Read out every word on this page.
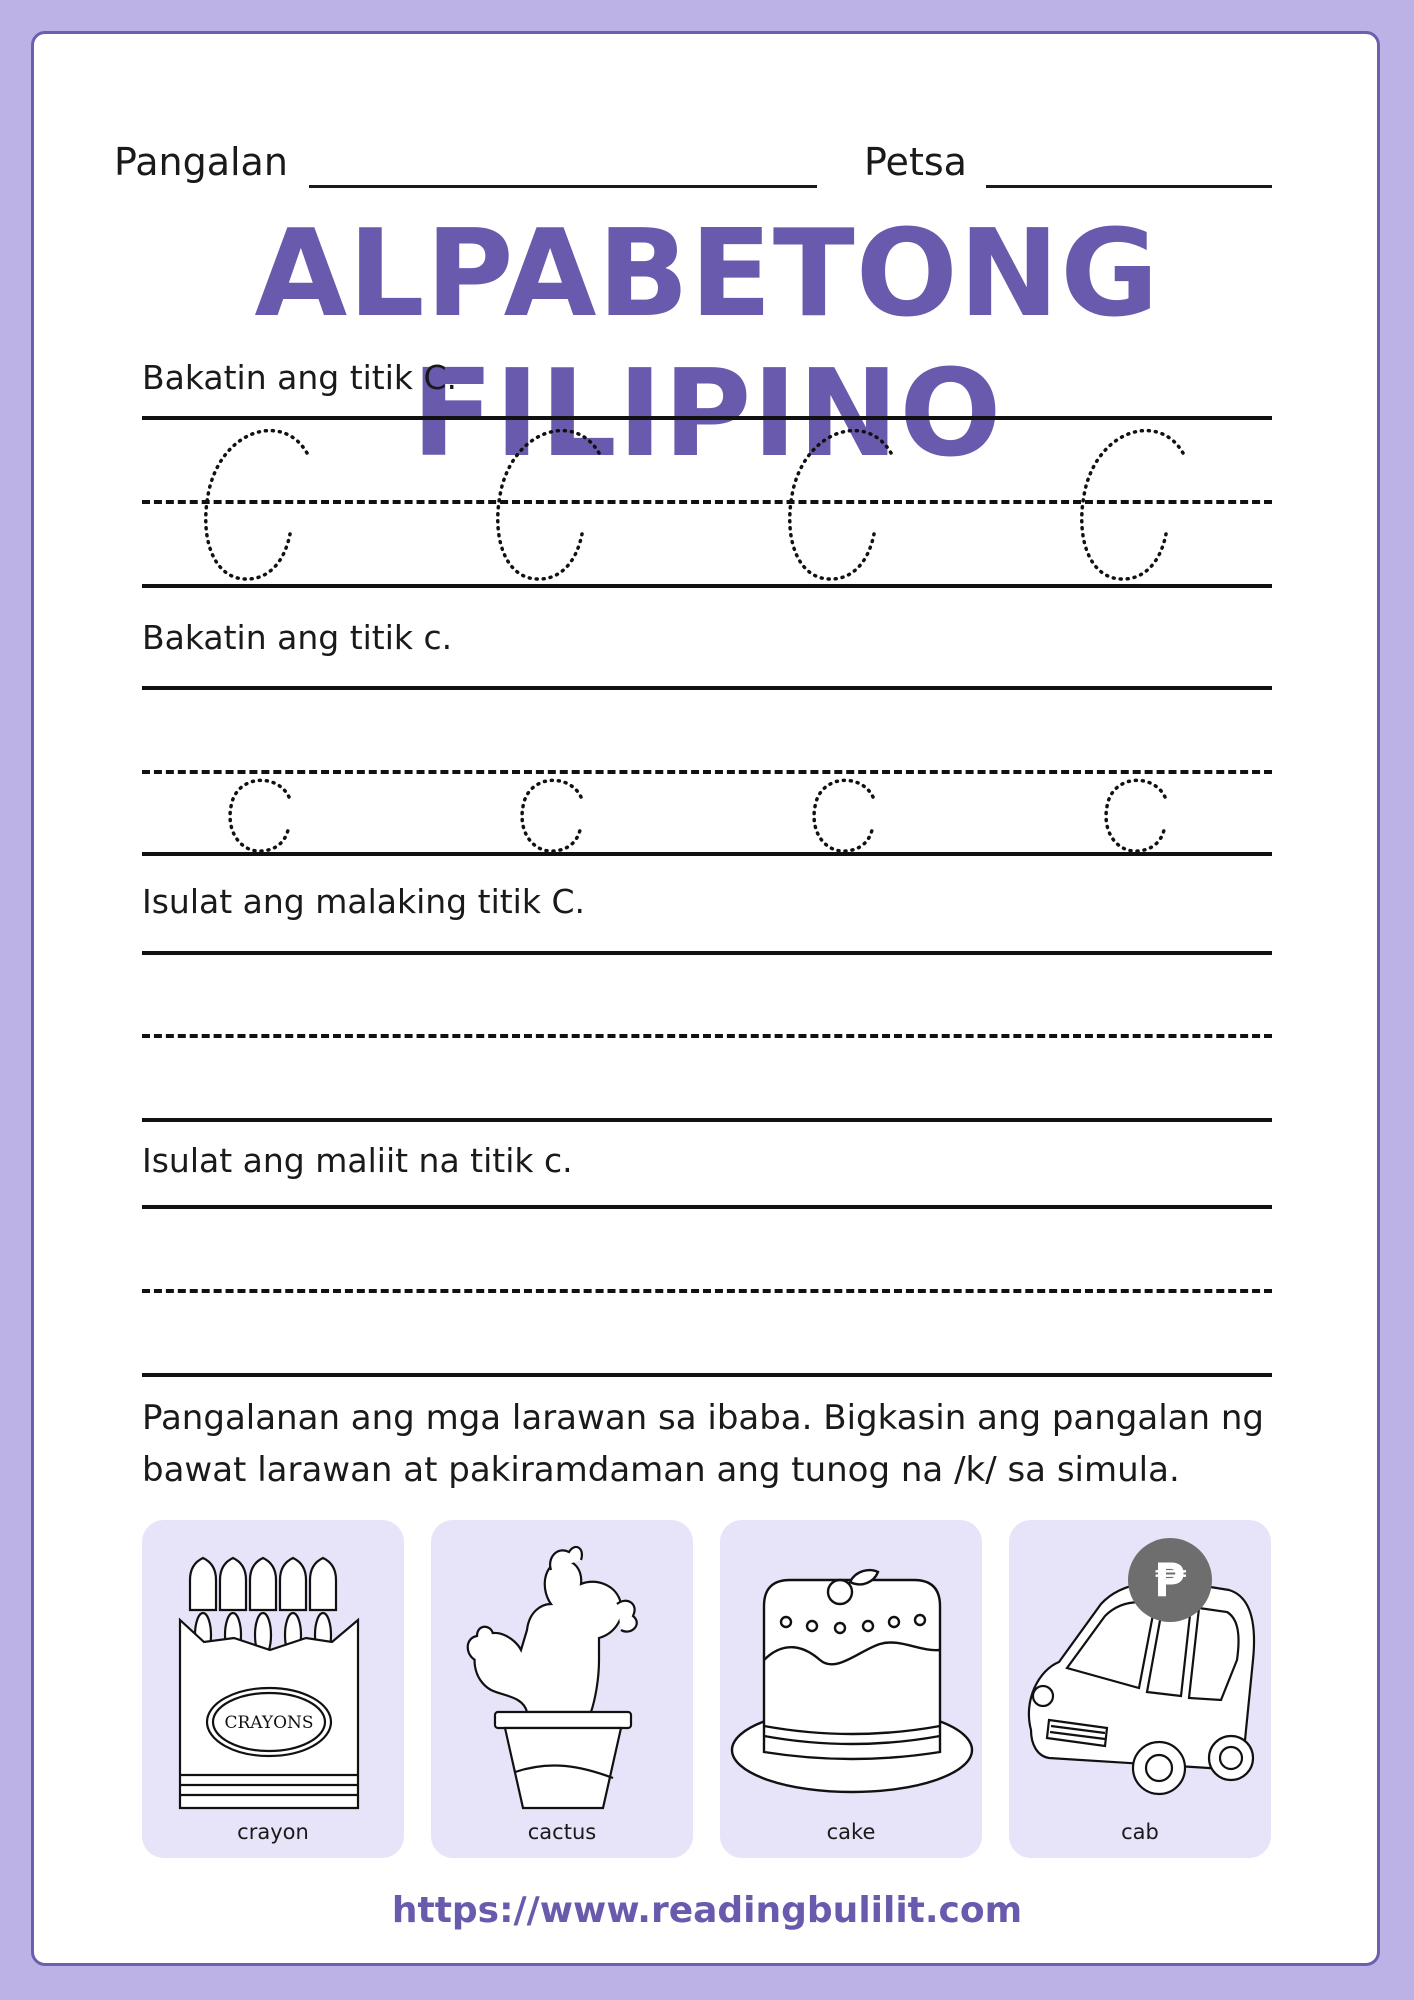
Pangalan	Petsa
ALPABETONG FILIPINO
Bakatin ang titik C.
Bakatin ang titik c.
Isulat ang malaking titik C.
Isulat ang maliit na titik c.
Pangalanan ang mga larawan sa ibaba. Bigkasin ang pangalan ng
bawat larawan at pakiramdaman ang tunog na /k/ sa simula.
CRAYONS
crayon	cactus	cake
₱
cab
https://www.readingbulilit.com
